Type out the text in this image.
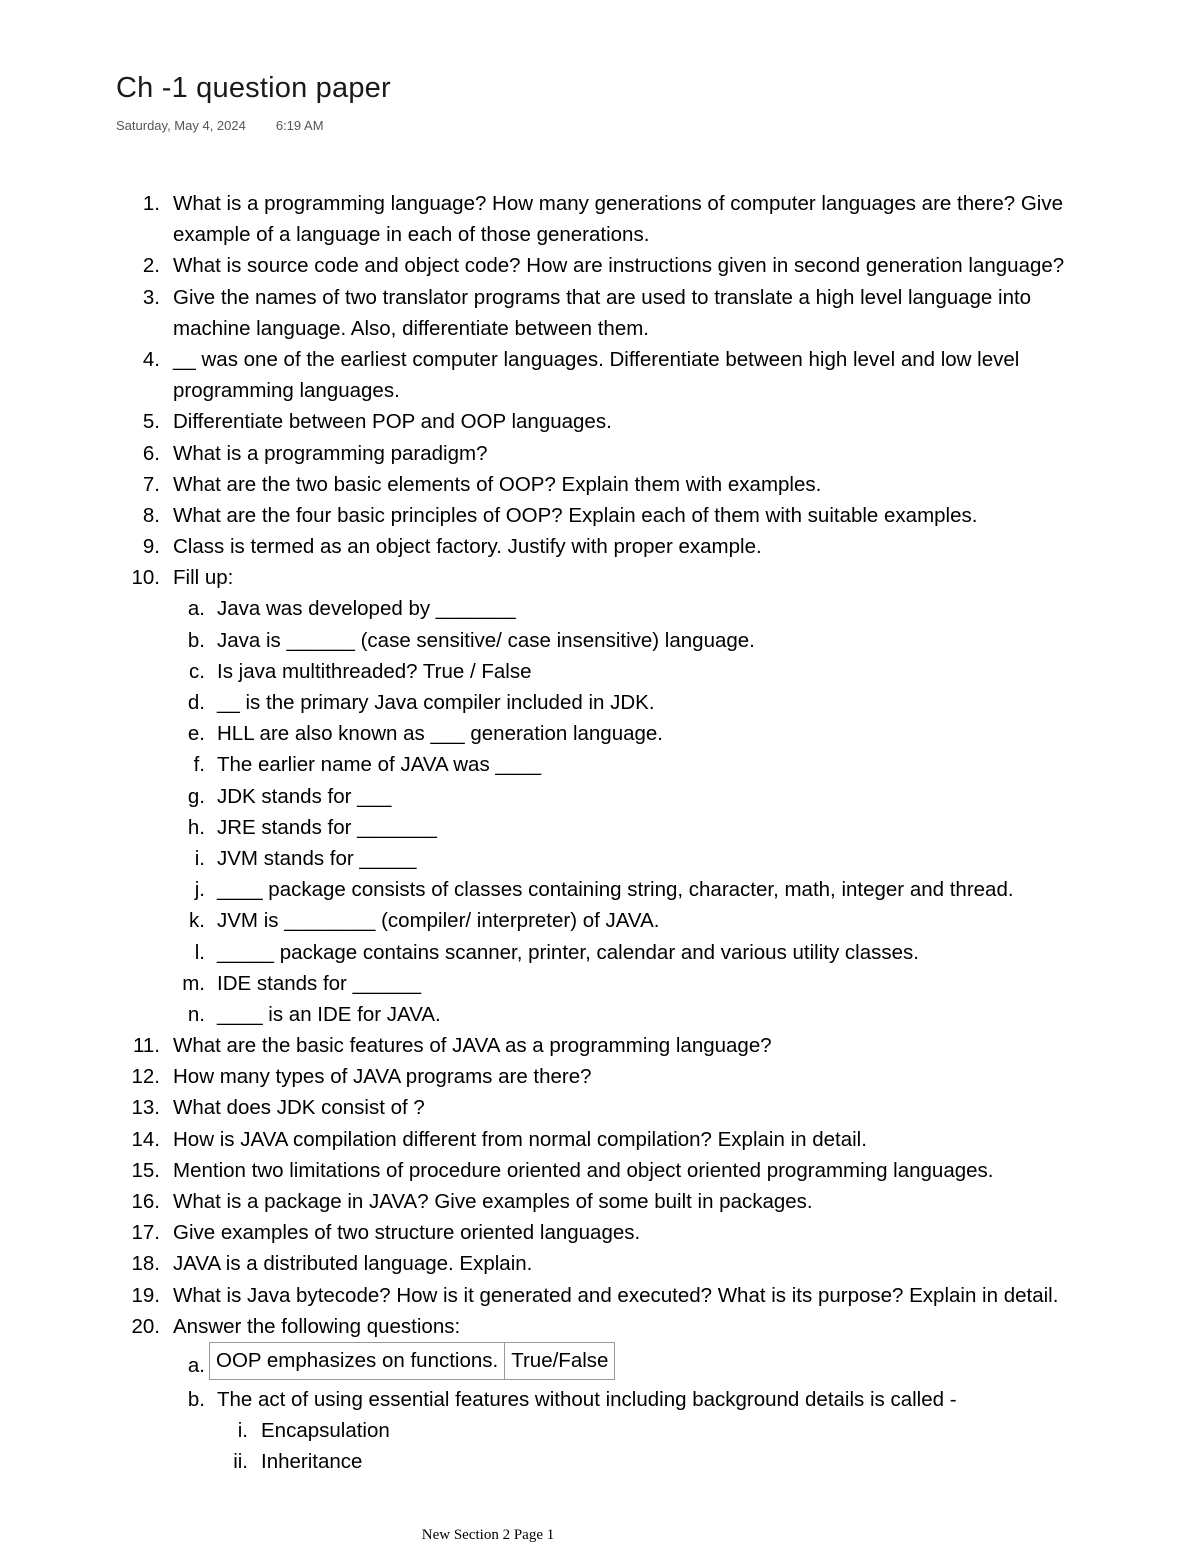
Ch -1 question paper
Saturday, May 4, 2024 6:19 AM
1. What is a programming language? How many generations of computer languages are there? Give
example of a language in each of those generations.
2. What is source code and object code? How are instructions given in second generation language?
3. Give the names of two translator programs that are used to translate a high level language into
machine language. Also, differentiate between them.
4. __ was one of the earliest computer languages. Differentiate between high level and low level
programming languages.
5. Differentiate between POP and OOP languages.
6. What is a programming paradigm?
7. What are the two basic elements of OOP? Explain them with examples.
8. What are the four basic principles of OOP? Explain each of them with suitable examples.
9. Class is termed as an object factory. Justify with proper example.
10. Fill up:
a. Java was developed by _______
b. Java is ______ (case sensitive/ case insensitive) language.
c. Is java multithreaded? True / False
d. __ is the primary Java compiler included in JDK.
e. HLL are also known as ___ generation language.
f. The earlier name of JAVA was ____
g. JDK stands for ___
h. JRE stands for _______
i. JVM stands for _____
j. ____ package consists of classes containing string, character, math, integer and thread.
k. JVM is ________ (compiler/ interpreter) of JAVA.
l. _____ package contains scanner, printer, calendar and various utility classes.
m. IDE stands for ______
n. ____ is an IDE for JAVA.
11. What are the basic features of JAVA as a programming language?
12. How many types of JAVA programs are there?
13. What does JDK consist of ?
14. How is JAVA compilation different from normal compilation? Explain in detail.
15. Mention two limitations of procedure oriented and object oriented programming languages.
16. What is a package in JAVA? Give examples of some built in packages.
17. Give examples of two structure oriented languages.
18. JAVA is a distributed language. Explain.
19. What is Java bytecode? How is it generated and executed? What is its purpose? Explain in detail.
20. Answer the following questions:
a. OOP emphasizes on functions.	True/False
b. The act of using essential features without including background details is called -
i. Encapsulation
ii. Inheritance
New Section 2 Page 1
